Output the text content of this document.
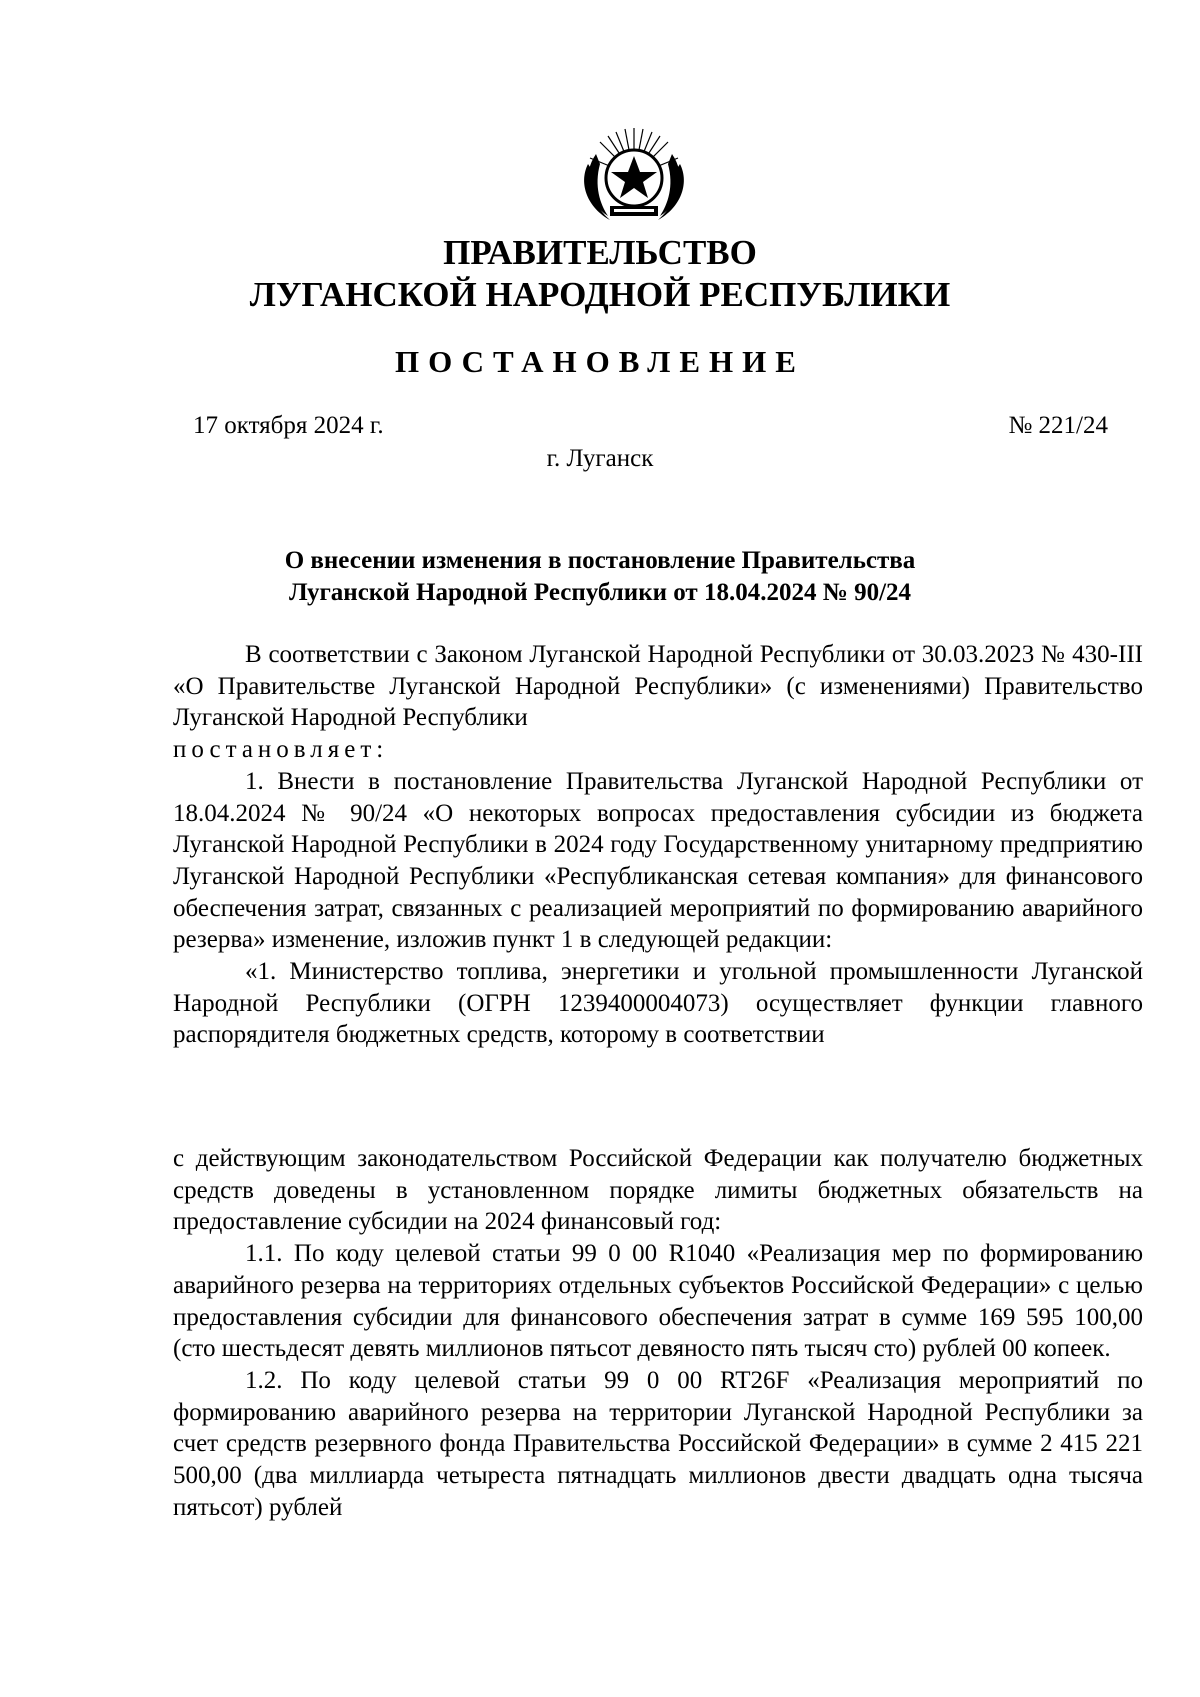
ПРАВИТЕЛЬСТВО
ЛУГАНСКОЙ НАРОДНОЙ РЕСПУБЛИКИ
ПОСТАНОВЛЕНИЕ
17 октября 2024 г.	№ 221/24
г. Луганск
О внесении изменения в постановление Правительства
Луганской Народной Республики от 18.04.2024 № 90/24

В соответствии с Законом Луганской Народной Республики от 30.03.2023 № 430-III «О Правительстве Луганской Народной Республики» (с изменениями) Правительство Луганской Народной Республики

постановляет:

1. Внести в постановление Правительства Луганской Народной Республики от 18.04.2024 № 90/24 «О некоторых вопросах предоставления субсидии из бюджета Луганской Народной Республики в 2024 году Государственному унитарному предприятию Луганской Народной Республики «Республиканская сетевая компания» для финансового обеспечения затрат, связанных с реализацией мероприятий по формированию аварийного резерва» изменение, изложив пункт 1 в следующей редакции:

«1. Министерство топлива, энергетики и угольной промышленности Луганской Народной Республики (ОГРН 1239400004073) осуществляет функции главного распорядителя бюджетных средств, которому в соответствии

с действующим законодательством Российской Федерации как получателю бюджетных средств доведены в установленном порядке лимиты бюджетных обязательств на предоставление субсидии на 2024 финансовый год:

1.1. По коду целевой статьи 99 0 00 R1040 «Реализация мер по формированию аварийного резерва на территориях отдельных субъектов Российской Федерации» с целью предоставления субсидии для финансового обеспечения затрат в сумме 169 595 100,00 (сто шестьдесят девять миллионов пятьсот девяносто пять тысяч сто) рублей 00 копеек.

1.2. По коду целевой статьи 99 0 00 RT26F «Реализация мероприятий по формированию аварийного резерва на территории Луганской Народной Республики за счет средств резервного фонда Правительства Российской Федерации» в сумме 2 415 221 500,00 (два миллиарда четыреста пятнадцать миллионов двести двадцать одна тысяча пятьсот) рублей
